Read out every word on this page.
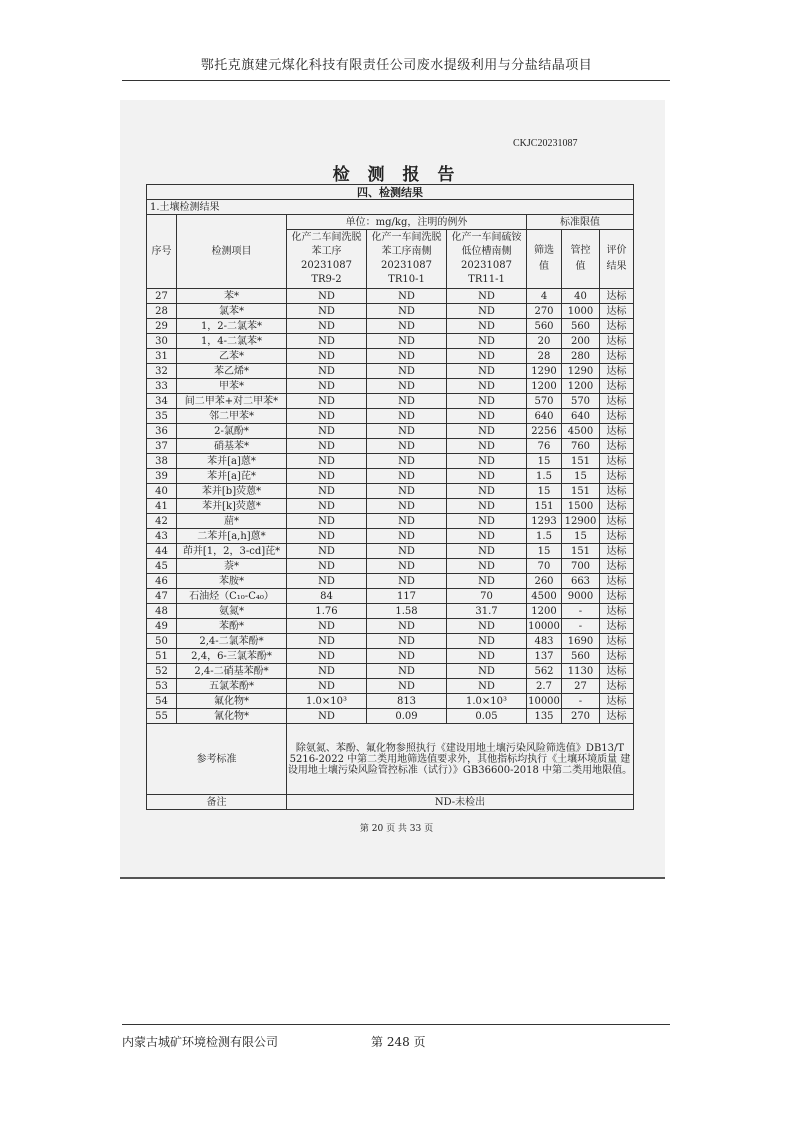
鄂托克旗建元煤化科技有限责任公司废水提级利用与分盐结晶项目
CKJC20231087
检 测 报 告
四、检测结果							
1.土壤检测结果							
序号	检测项目	单位：mg/kg，注明的例外			标准限值		
		化产二车间洗脱苯工序 20231087 TR9-2	化产一车间洗脱苯工序南侧 20231087 TR10-1	化产一车间硫铵低位槽南侧 20231087 TR11-1	筛选值	管控值	评价结果
27	苯*	ND	ND	ND	4	40	达标
28	氯苯*	ND	ND	ND	270	1000	达标
29	1，2-二氯苯*	ND	ND	ND	560	560	达标
30	1，4-二氯苯*	ND	ND	ND	20	200	达标
31	乙苯*	ND	ND	ND	28	280	达标
32	苯乙烯*	ND	ND	ND	1290	1290	达标
33	甲苯*	ND	ND	ND	1200	1200	达标
34	间二甲苯+对二甲苯*	ND	ND	ND	570	570	达标
35	邻二甲苯*	ND	ND	ND	640	640	达标
36	2-氯酚*	ND	ND	ND	2256	4500	达标
37	硝基苯*	ND	ND	ND	76	760	达标
38	苯并[a]蒽*	ND	ND	ND	15	151	达标
39	苯并[a]芘*	ND	ND	ND	1.5	15	达标
40	苯并[b]荧蒽*	ND	ND	ND	15	151	达标
41	苯并[k]荧蒽*	ND	ND	ND	151	1500	达标
42	䓛*	ND	ND	ND	1293	12900	达标
43	二苯并[a,h]蒽*	ND	ND	ND	1.5	15	达标
44	茚并[1，2，3-cd]芘*	ND	ND	ND	15	151	达标
45	萘*	ND	ND	ND	70	700	达标
46	苯胺*	ND	ND	ND	260	663	达标
47	石油烃（C₁₀-C₄₀）	84	117	70	4500	9000	达标
48	氨氮*	1.76	1.58	31.7	1200	-	达标
49	苯酚*	ND	ND	ND	10000	-	达标
50	2,4-二氯苯酚*	ND	ND	ND	483	1690	达标
51	2,4，6-三氯苯酚*	ND	ND	ND	137	560	达标
52	2,4-二硝基苯酚*	ND	ND	ND	562	1130	达标
53	五氯苯酚*	ND	ND	ND	2.7	27	达标
54	氟化物*	1.0×10³	813	1.0×10³	10000	-	达标
55	氰化物*	ND	0.09	0.05	135	270	达标
参考标准		除氨氮、苯酚、氟化物参照执行《建设用地土壤污染风险筛选值》DB13/T 5216-2022 中第二类用地筛选值要求外，其他指标均执行《土壤环境质量 建设用地土壤污染风险管控标准（试行）》GB36600-2018 中第二类用地限值。					
备注		ND-未检出					
第 20 页 共 33 页
内蒙古城矿环境检测有限公司	第 248 页
